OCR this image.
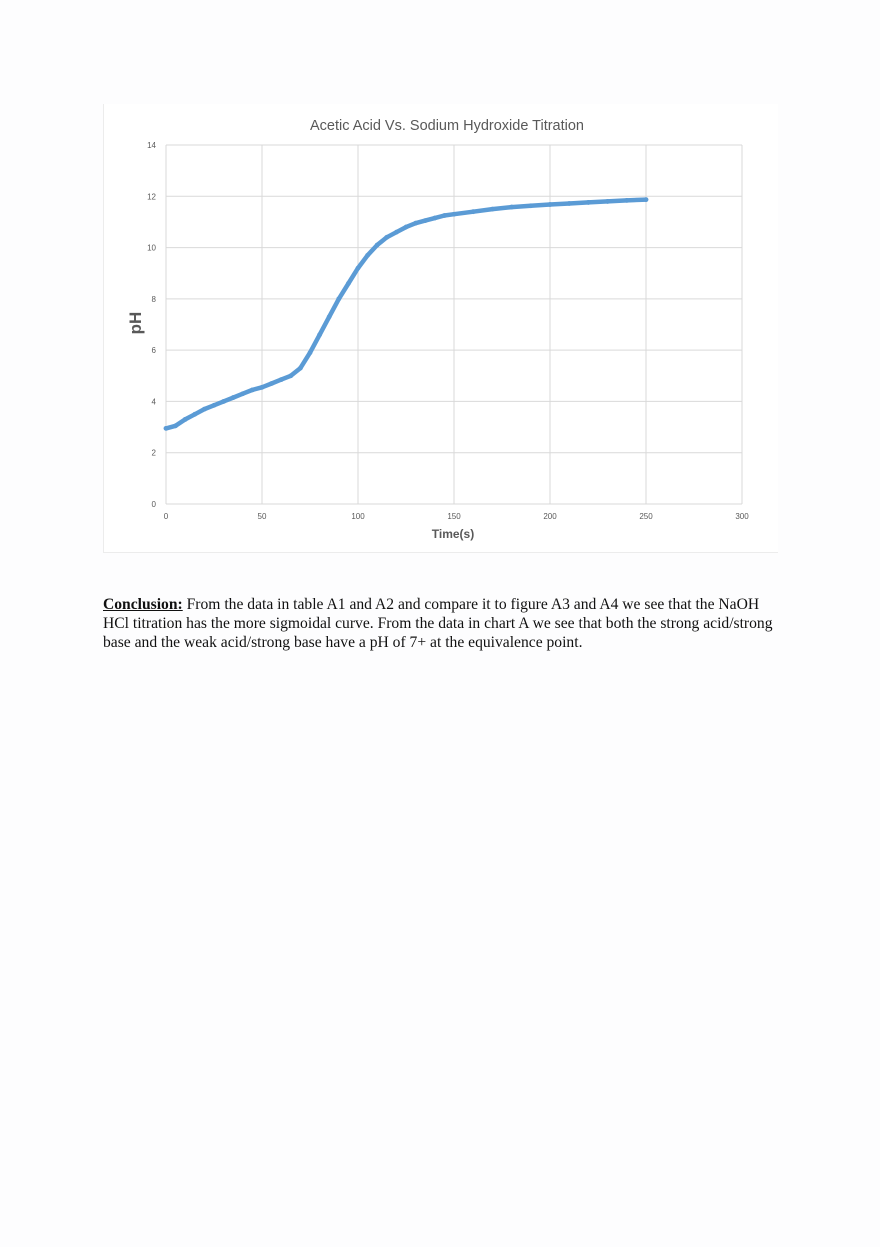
Acetic Acid Vs. Sodium Hydroxide Titration
0
2
4
6
8
10
12
14
0	50	100	150	200	250	300
Time(s)
pH
Conclusion: From the data in table A1 and A2 and compare it to figure A3 and A4 we see that the NaOH HCl titration has the more sigmoidal curve. From the data in chart A we see that both the strong acid/strong base and the weak acid/strong base have a pH of 7+ at the equivalence point.
